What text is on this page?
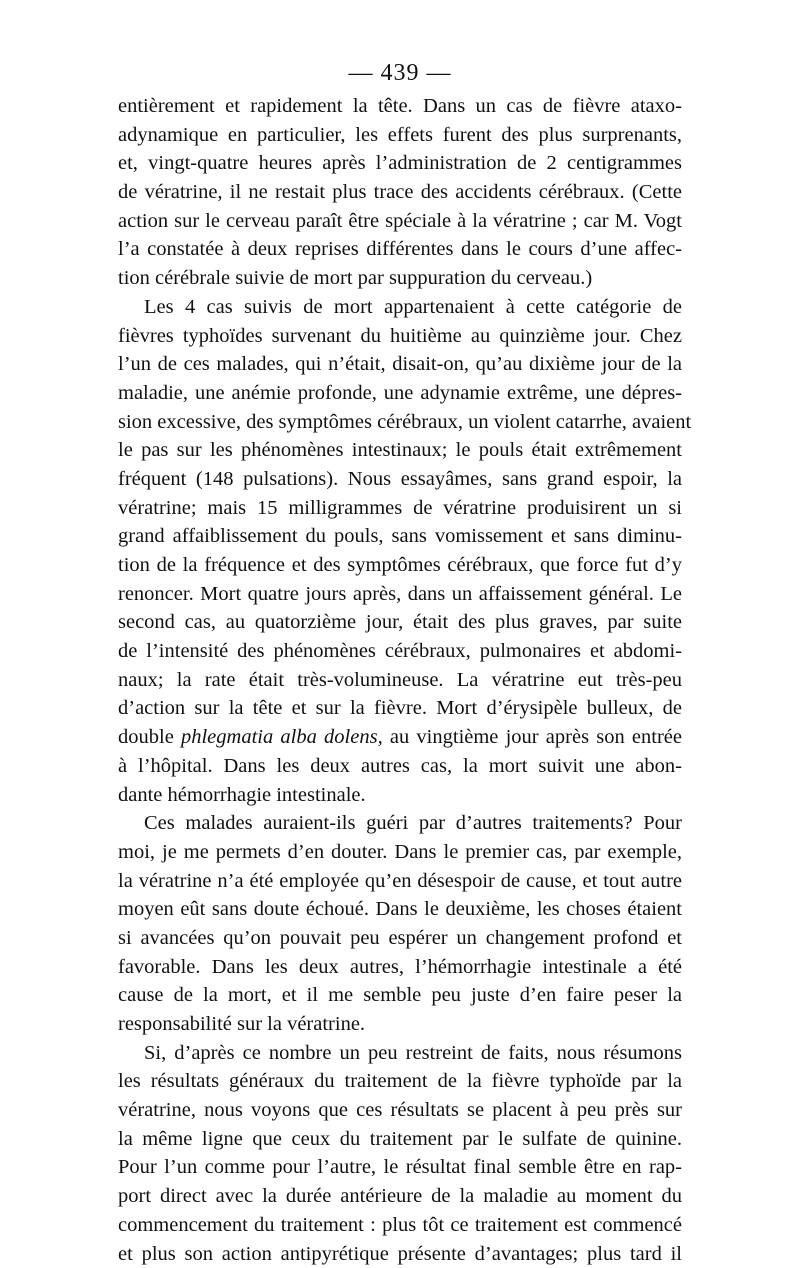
— 439 —
entièrement et rapidement la tête. Dans un cas de fièvre ataxo-
adynamique en particulier, les effets furent des plus surprenants,
et, vingt-quatre heures après l’administration de 2 centigrammes
de vératrine, il ne restait plus trace des accidents cérébraux. (Cette
action sur le cerveau paraît être spéciale à la vératrine ; car M. Vogt
l’a constatée à deux reprises différentes dans le cours d’une affec-
tion cérébrale suivie de mort par suppuration du cerveau.)
Les 4 cas suivis de mort appartenaient à cette catégorie de
fièvres typhoïdes survenant du huitième au quinzième jour. Chez
l’un de ces malades, qui n’était, disait-on, qu’au dixième jour de la
maladie, une anémie profonde, une adynamie extrême, une dépres-
sion excessive, des symptômes cérébraux, un violent catarrhe, avaient
le pas sur les phénomènes intestinaux; le pouls était extrêmement
fréquent (148 pulsations). Nous essayâmes, sans grand espoir, la
vératrine; mais 15 milligrammes de vératrine produisirent un si
grand affaiblissement du pouls, sans vomissement et sans diminu-
tion de la fréquence et des symptômes cérébraux, que force fut d’y
renoncer. Mort quatre jours après, dans un affaissement général. Le
second cas, au quatorzième jour, était des plus graves, par suite
de l’intensité des phénomènes cérébraux, pulmonaires et abdomi-
naux; la rate était très-volumineuse. La vératrine eut très-peu
d’action sur la tête et sur la fièvre. Mort d’érysipèle bulleux, de
double phlegmatia alba dolens, au vingtième jour après son entrée
à l’hôpital. Dans les deux autres cas, la mort suivit une abon-
dante hémorrhagie intestinale.
Ces malades auraient-ils guéri par d’autres traitements? Pour
moi, je me permets d’en douter. Dans le premier cas, par exemple,
la vératrine n’a été employée qu’en désespoir de cause, et tout autre
moyen eût sans doute échoué. Dans le deuxième, les choses étaient
si avancées qu’on pouvait peu espérer un changement profond et
favorable. Dans les deux autres, l’hémorrhagie intestinale a été
cause de la mort, et il me semble peu juste d’en faire peser la
responsabilité sur la vératrine.
Si, d’après ce nombre un peu restreint de faits, nous résumons
les résultats généraux du traitement de la fièvre typhoïde par la
vératrine, nous voyons que ces résultats se placent à peu près sur
la même ligne que ceux du traitement par le sulfate de quinine.
Pour l’un comme pour l’autre, le résultat final semble être en rap-
port direct avec la durée antérieure de la maladie au moment du
commencement du traitement : plus tôt ce traitement est commencé
et plus son action antipyrétique présente d’avantages; plus tard il
